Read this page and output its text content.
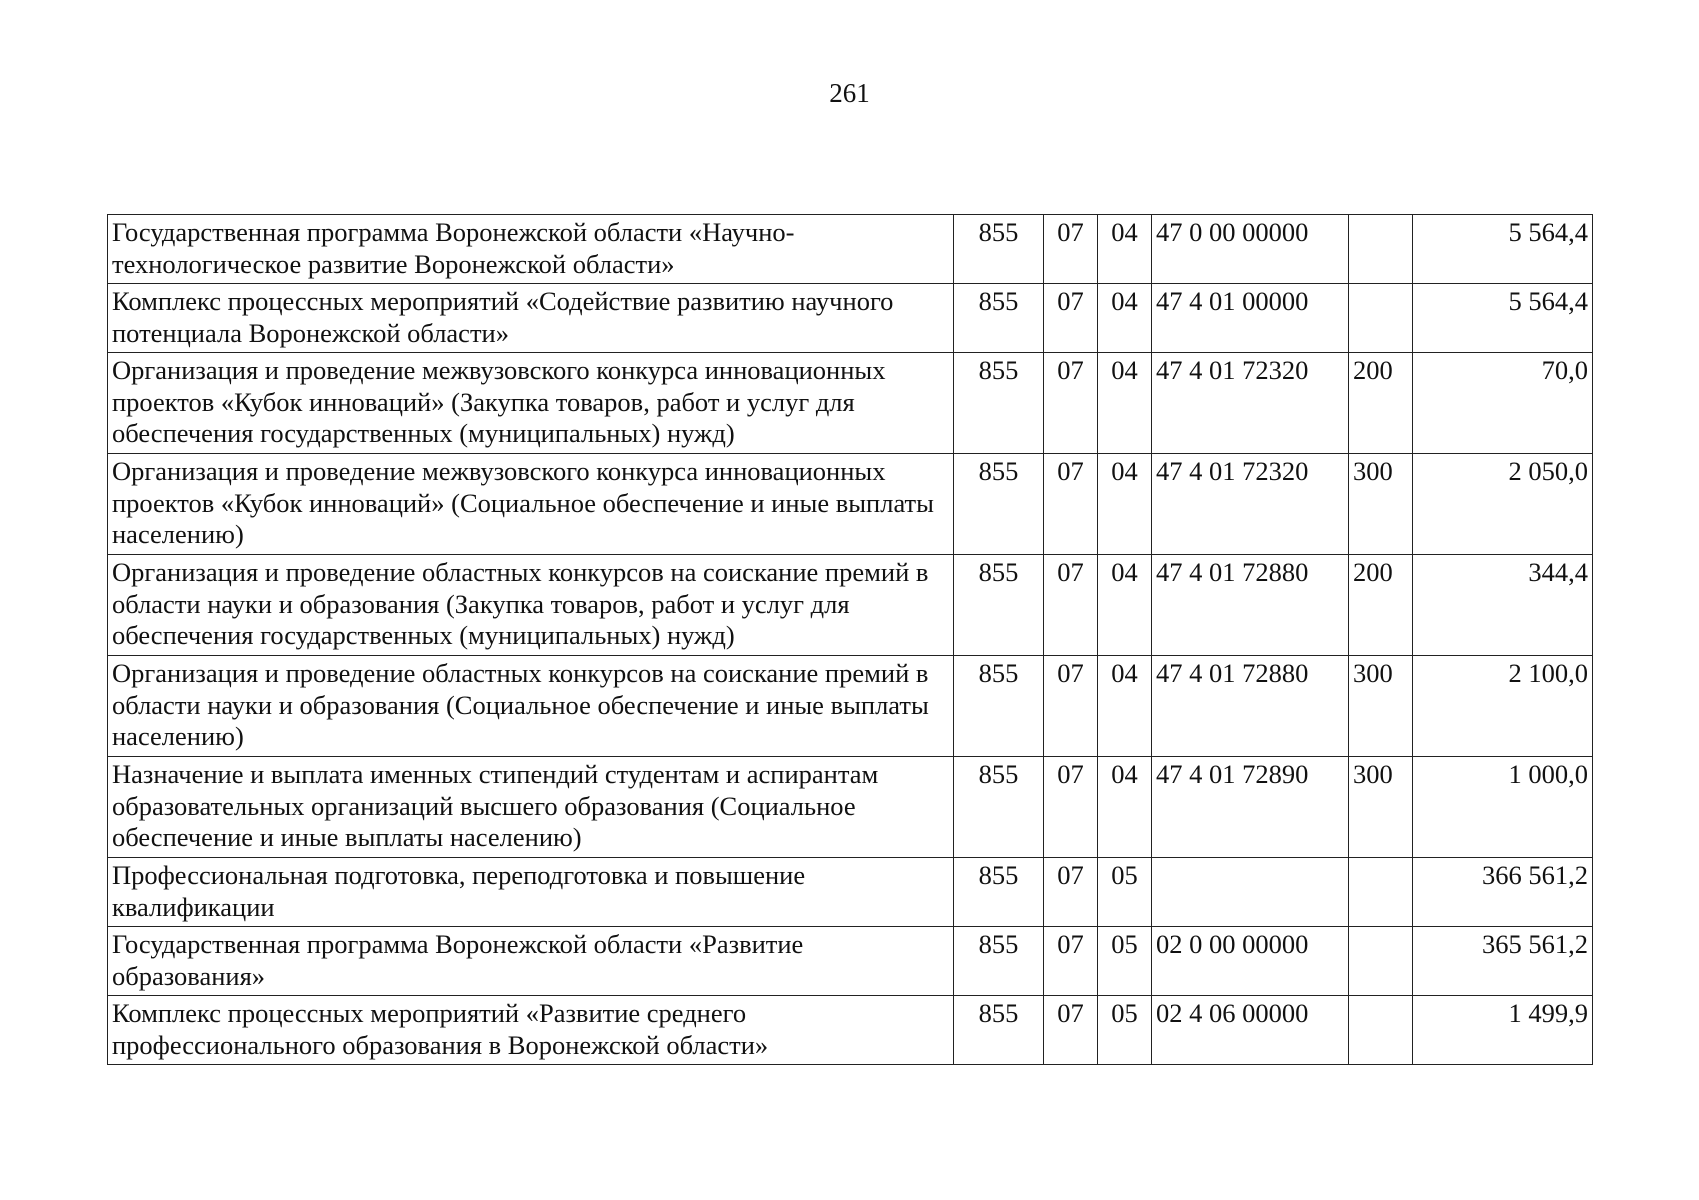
261
Государственная программа Воронежской области «Научно-технологическое развитие Воронежской области»	855	07	04	47 0 00 00000		5 564,4
Комплекс процессных мероприятий «Содействие развитию научного потенциала Воронежской области»	855	07	04	47 4 01 00000		5 564,4
Организация и проведение межвузовского конкурса инновационных проектов «Кубок инноваций» (Закупка товаров, работ и услуг для обеспечения государственных (муниципальных) нужд)	855	07	04	47 4 01 72320	200	70,0
Организация и проведение межвузовского конкурса инновационных проектов «Кубок инноваций» (Социальное обеспечение и иные выплаты населению)	855	07	04	47 4 01 72320	300	2 050,0
Организация и проведение областных конкурсов на соискание премий в области науки и образования (Закупка товаров, работ и услуг для обеспечения государственных (муниципальных) нужд)	855	07	04	47 4 01 72880	200	344,4
Организация и проведение областных конкурсов на соискание премий в области науки и образования (Социальное обеспечение и иные выплаты населению)	855	07	04	47 4 01 72880	300	2 100,0
Назначение и выплата именных стипендий студентам и аспирантам образовательных организаций высшего образования (Социальное обеспечение и иные выплаты населению)	855	07	04	47 4 01 72890	300	1 000,0
Профессиональная подготовка, переподготовка и повышение квалификации	855	07	05			366 561,2
Государственная программа Воронежской области «Развитие образования»	855	07	05	02 0 00 00000		365 561,2
Комплекс процессных мероприятий «Развитие среднего профессионального образования в Воронежской области»	855	07	05	02 4 06 00000		1 499,9
